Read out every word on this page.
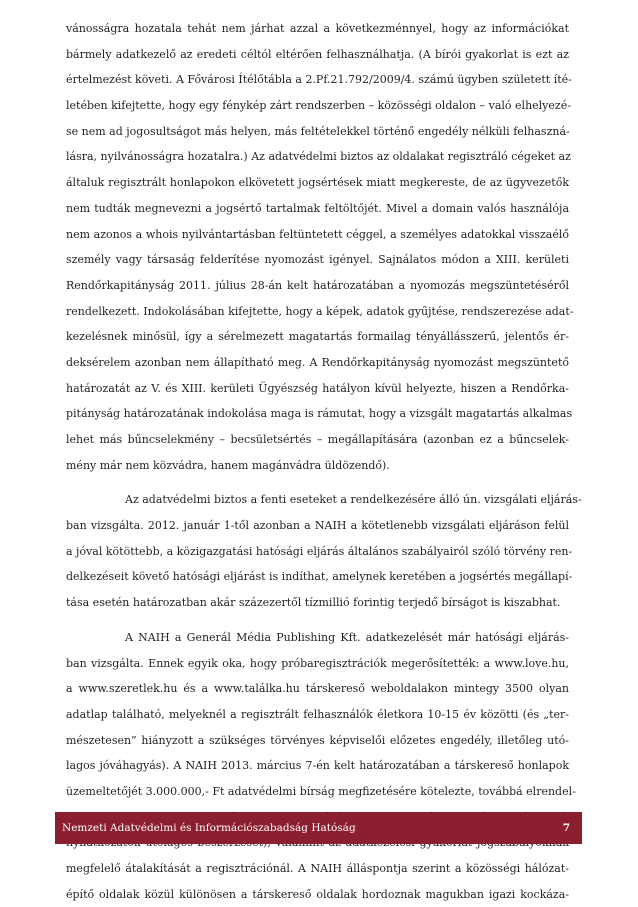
vánosságra hozatala tehát nem járhat azzal a következménnyel, hogy az információkat
bármely adatkezelő az eredeti céltól eltérően felhasználhatja. (A bírói gyakorlat is ezt az
értelmezést követi. A Fővárosi Ítélőtábla a 2.Pf.21.792/2009/4. számú ügyben született íté-
letében kifejtette, hogy egy fénykép zárt rendszerben – közösségi oldalon – való elhelyezé-
se nem ad jogosultságot más helyen, más feltételekkel történő engedély nélküli felhaszná-
lásra, nyilvánosságra hozatalra.) Az adatvédelmi biztos az oldalakat regisztráló cégeket az
általuk regisztrált honlapokon elkövetett jogsértések miatt megkereste, de az ügyvezetők
nem tudták megnevezni a jogsértő tartalmak feltöltőjét. Mivel a domain valós használója
nem azonos a whois nyilvántartásban feltüntetett céggel, a személyes adatokkal visszaélő
személy vagy társaság felderítése nyomozást igényel. Sajnálatos módon a XIII. kerületi
Rendőrkapitányság 2011. július 28-án kelt határozatában a nyomozás megszüntetéséről
rendelkezett. Indokolásában kifejtette, hogy a képek, adatok gyűjtése, rendszerezése adat-
kezelésnek minősül, így a sérelmezett magatartás formailag tényállásszerű, jelentős ér-
deksérelem azonban nem állapítható meg. A Rendőrkapitányság nyomozást megszüntető
határozatát az V. és XIII. kerületi Ügyészség hatályon kívül helyezte, hiszen a Rendőrka-
pitányság határozatának indokolása maga is rámutat, hogy a vizsgált magatartás alkalmas
lehet más bűncselekmény – becsületsértés – megállapítására (azonban ez a bűncselek-
mény már nem közvádra, hanem magánvádra üldözendő).
Az adatvédelmi biztos a fenti eseteket a rendelkezésére álló ún. vizsgálati eljárás-
ban vizsgálta. 2012. január 1-től azonban a NAIH a kötetlenebb vizsgálati eljáráson felül
a jóval kötöttebb, a közigazgatási hatósági eljárás általános szabályairól szóló törvény ren-
delkezéseit követő hatósági eljárást is indíthat, amelynek keretében a jogsértés megállapí-
tása esetén határozatban akár százezertől tízmillió forintig terjedő bírságot is kiszabhat.
A NAIH a Generál Média Publishing Kft. adatkezelését már hatósági eljárás-
ban vizsgálta. Ennek egyik oka, hogy próbaregisztrációk megerősítették: a www.love.hu,
a www.szeretlek.hu és a www.találka.hu társkereső weboldalakon mintegy 3500 olyan
adatlap található, melyeknél a regisztrált felhasználók életkora 10-15 év közötti (és „ter-
mészetesen” hiányzott a szükséges törvényes képviselői előzetes engedély, illetőleg utó-
lagos jóváhagyás). A NAIH 2013. március 7-én kelt határozatában a társkereső honlapok
üzemeltetőjét 3.000.000,- Ft adatvédelmi bírság megfizetésére kötelezte, továbbá elrendel-
megfelelő átalakítását a regisztrációnál. A NAIH álláspontja szerint a közösségi hálózat-
építő oldalak közül különösen a társkereső oldalak hordoznak magukban igazi kockáza-
Nemzeti Adatvédelmi és Információszabadság Hatóság	7
